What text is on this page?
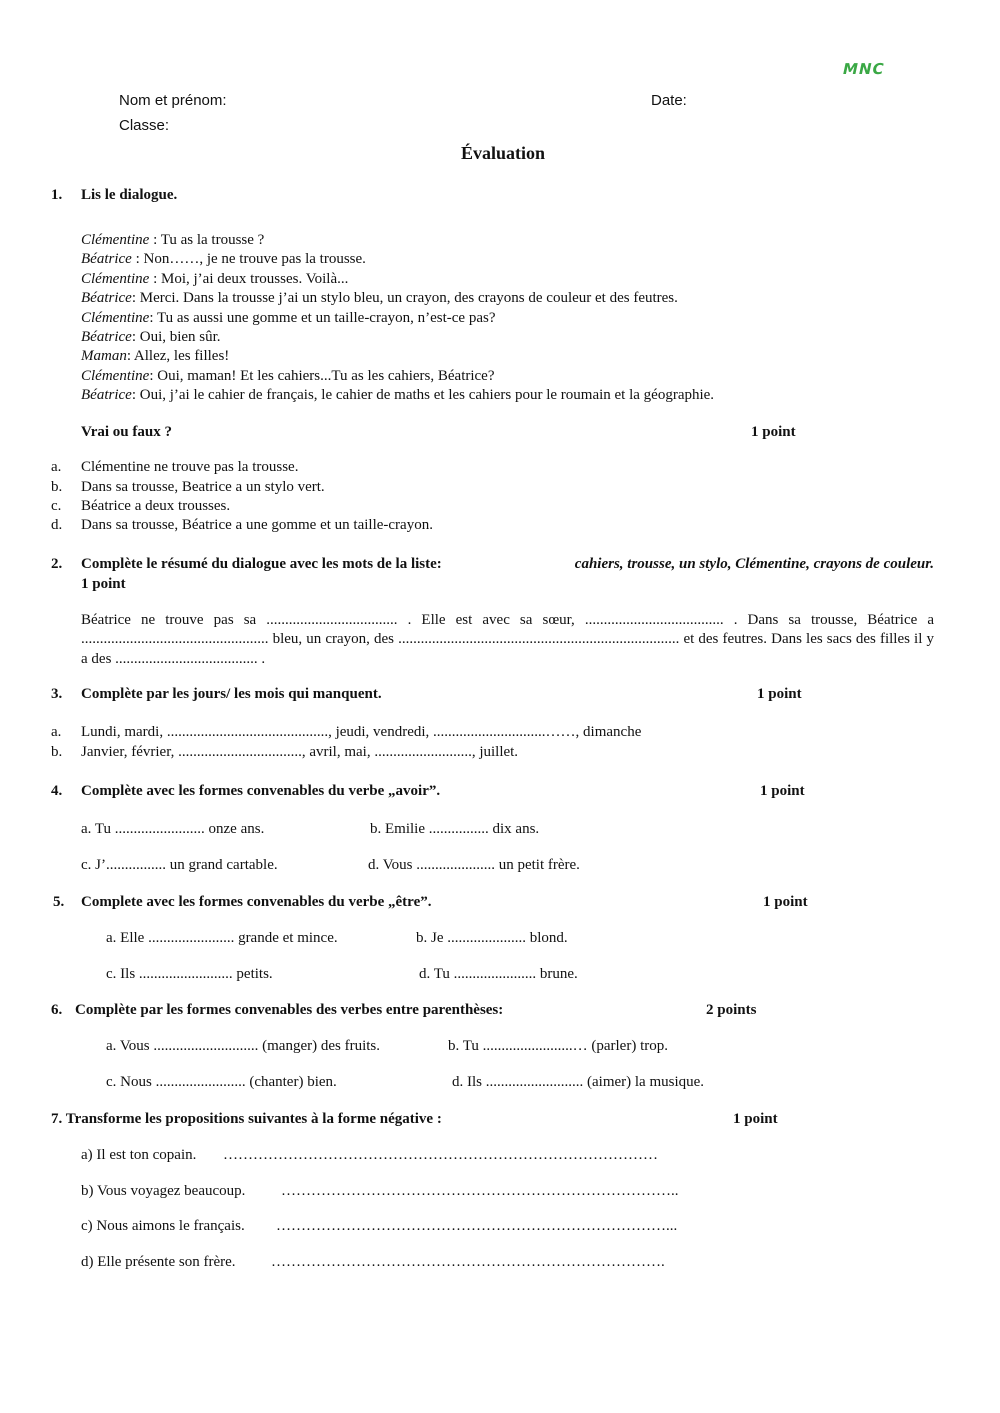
MNC
Nom et prénom:	Date:
Classe:
Évaluation
1. Lis le dialogue.
Clémentine : Tu as la trousse ?
Béatrice : Non……, je ne trouve pas la trousse.
Clémentine : Moi, j’ai deux trousses. Voilà...
Béatrice: Merci. Dans la trousse j’ai un stylo bleu, un crayon, des crayons de couleur et des feutres.
Clémentine: Tu as aussi une gomme et un taille-crayon, n’est-ce pas?
Béatrice: Oui, bien sûr.
Maman: Allez, les filles!
Clémentine: Oui, maman! Et les cahiers...Tu as les cahiers, Béatrice?
Béatrice: Oui, j’ai le cahier de français, le cahier de maths et les cahiers pour le roumain et la géographie.
Vrai ou faux ?	1 point
a. Clémentine ne trouve pas la trousse.
b. Dans sa trousse, Beatrice a un stylo vert.
c. Béatrice a deux trousses.
d. Dans sa trousse, Béatrice a une gomme et un taille-crayon.
2. Complète le résumé du dialogue avec les mots de la liste:	cahiers, trousse, un stylo, Clémentine, crayons de couleur.
1 point
Béatrice ne trouve pas sa ................................... . Elle est avec sa sœur, ..................................... . Dans sa trousse, Béatrice a .................................................. bleu, un crayon, des ........................................................................... et des feutres. Dans les sacs des filles il y a des ...................................... .
3. Complète par les jours/ les mois qui manquent.	1 point
a. Lundi, mardi, ..........................................., jeudi, vendredi, ..............................……, dimanche
b. Janvier, février, ................................., avril, mai, .........................., juillet.
4. Complète avec les formes convenables du verbe „avoir”.	1 point
a. Tu ........................ onze ans.	b. Emilie ................ dix ans.
c. J’................ un grand cartable.	d. Vous ..................... un petit frère.
5. Complete avec les formes convenables du verbe „être”.	1 point
a. Elle ....................... grande et mince.	b. Je ..................... blond.
c. Ils ......................... petits.	d. Tu ...................... brune.
6. Complète par les formes convenables des verbes entre parenthèses:	2 points
a. Vous ............................ (manger) des fruits.	b. Tu ........................… (parler) trop.
c. Nous ........................ (chanter) bien.	d. Ils .......................... (aimer) la musique.
7. Transforme les propositions suivantes à la forme négative :	1 point
a) Il est ton copain. ……………………………………………………………………………
b) Vous voyagez beaucoup. ……………………………………………………………………..
c) Nous aimons le français. ……………………………………………………………………...
d) Elle présente son frère. …………………………………………………………………….
